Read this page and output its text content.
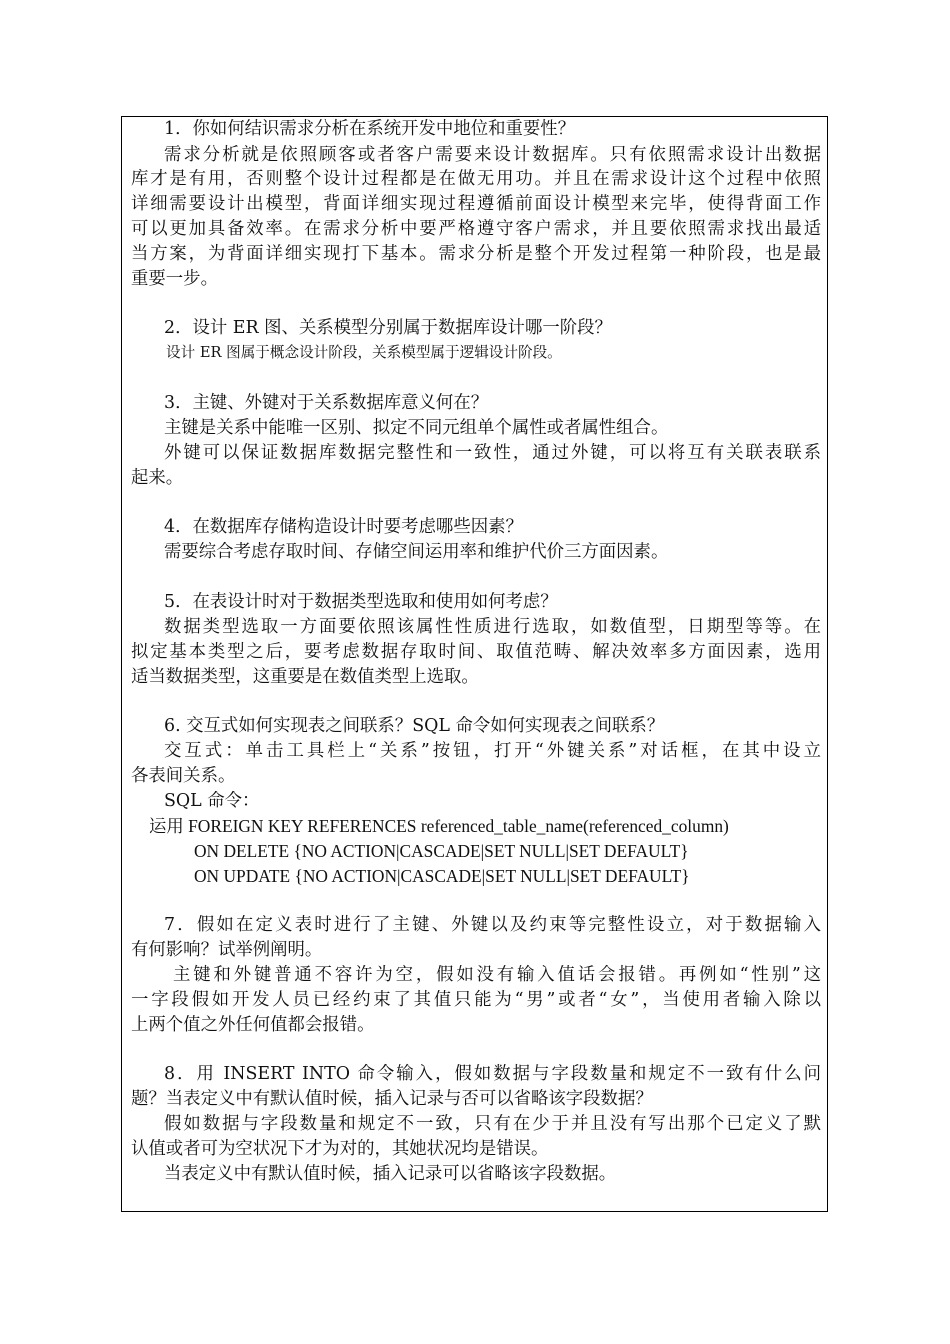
1．你如何结识需求分析在系统开发中地位和重要性？

需求分析就是依照顾客或者客户需要来设计数据库。只有依照需求设计出数据

库才是有用，否则整个设计过程都是在做无用功。并且在需求设计这个过程中依照

详细需要设计出模型，背面详细实现过程遵循前面设计模型来完毕，使得背面工作

可以更加具备效率。在需求分析中要严格遵守客户需求，并且要依照需求找出最适

当方案，为背面详细实现打下基本。需求分析是整个开发过程第一种阶段，也是最

重要一步。

2．设计 ER 图、关系模型分别属于数据库设计哪一阶段？

设计 ER 图属于概念设计阶段，关系模型属于逻辑设计阶段。

3．主键、外键对于关系数据库意义何在？

主键是关系中能唯一区别、拟定不同元组单个属性或者属性组合。

外键可以保证数据库数据完整性和一致性，通过外键，可以将互有关联表联系

起来。

4．在数据库存储构造设计时要考虑哪些因素？

需要综合考虑存取时间、存储空间运用率和维护代价三方面因素。

5．在表设计时对于数据类型选取和使用如何考虑？

数据类型选取一方面要依照该属性性质进行选取，如数值型，日期型等等。在

拟定基本类型之后，要考虑数据存取时间、取值范畴、解决效率多方面因素，选用

适当数据类型，这重要是在数值类型上选取。

6. 交互式如何实现表之间联系？SQL 命令如何实现表之间联系？

交互式：单击工具栏上“关系”按钮，打开“外键关系”对话框，在其中设立

各表间关系。

SQL 命令：

运用 FOREIGN KEY REFERENCES referenced_table_name(referenced_column)

ON DELETE {NO ACTION|CASCADE|SET NULL|SET DEFAULT}

ON UPDATE {NO ACTION|CASCADE|SET NULL|SET DEFAULT}

7．假如在定义表时进行了主键、外键以及约束等完整性设立，对于数据输入

有何影响？试举例阐明。

主键和外键普通不容许为空，假如没有输入值话会报错。再例如“性别”这

一字段假如开发人员已经约束了其值只能为“男”或者“女”，当使用者输入除以

上两个值之外任何值都会报错。

8．用 INSERT INTO 命令输入，假如数据与字段数量和规定不一致有什么问

题？当表定义中有默认值时候，插入记录与否可以省略该字段数据？

假如数据与字段数量和规定不一致，只有在少于并且没有写出那个已定义了默

认值或者可为空状况下才为对的，其她状况均是错误。

当表定义中有默认值时候，插入记录可以省略该字段数据。
